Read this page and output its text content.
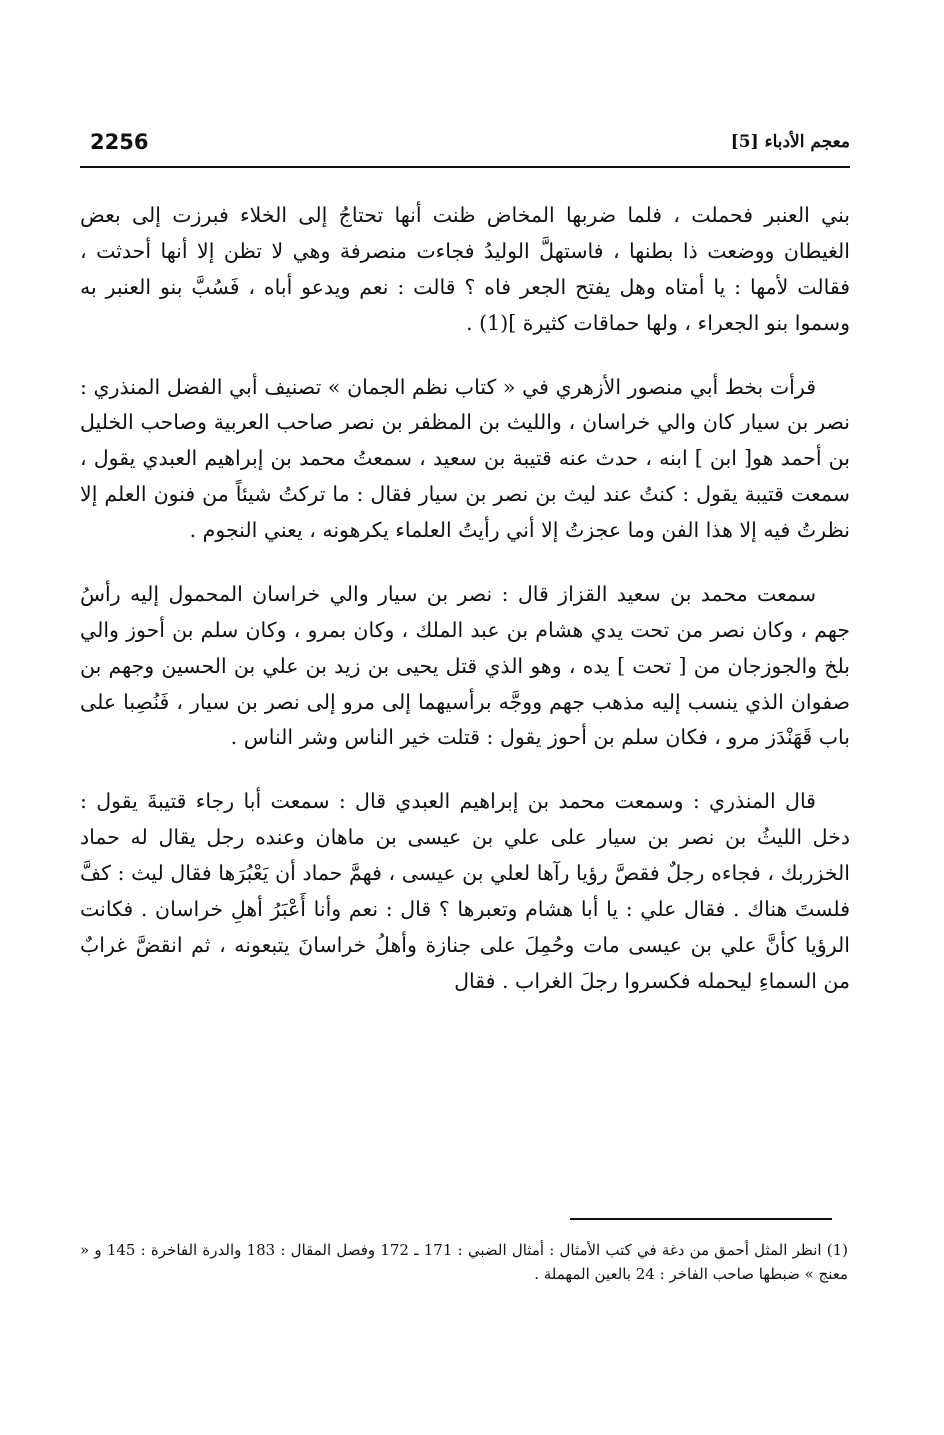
2256	معجم الأدباء [5]

بني العنبر فحملت ، فلما ضربها المخاض ظنت أنها تحتاجُ إلى الخلاء فبرزت إلى بعض الغيطان ووضعت ذا بطنها ، فاستهلَّ الوليدُ فجاءت منصرفة وهي لا تظن إلا أنها أحدثت ، فقالت لأمها : يا أمتاه وهل يفتح الجعر فاه ؟ قالت : نعم ويدعو أباه ، فَسُبَّ بنو العنبر به وسموا بنو الجعراء ، ولها حماقات كثيرة ](1) .

قرأت بخط أبي منصور الأزهري في « كتاب نظم الجمان » تصنيف أبي الفضل المنذري : نصر بن سيار كان والي خراسان ، والليث بن المظفر بن نصر صاحب العربية وصاحب الخليل بن أحمد هو[ ابن ] ابنه ، حدث عنه قتيبة بن سعيد ، سمعتُ محمد بن إبراهيم العبدي يقول ، سمعت قتيبة يقول : كنتُ عند ليث بن نصر بن سيار فقال : ما تركتُ شيئاً من فنون العلم إلا نظرتُ فيه إلا هذا الفن وما عجزتُ إلا أني رأيتُ العلماء يكرهونه ، يعني النجوم .

سمعت محمد بن سعيد القزاز قال : نصر بن سيار والي خراسان المحمول إليه رأسُ جهم ، وكان نصر من تحت يدي هشام بن عبد الملك ، وكان بمرو ، وكان سلم بن أحوز والي بلخ والجوزجان من [ تحت ] يده ، وهو الذي قتل يحيى بن زيد بن علي بن الحسين وجهم بن صفوان الذي ينسب إليه مذهب جهم ووجَّه برأسيهما إلى مرو إلى نصر بن سيار ، فَنُصِبا على باب قَهَنْدَز مرو ، فكان سلم بن أحوز يقول : قتلت خير الناس وشر الناس .

قال المنذري : وسمعت محمد بن إبراهيم العبدي قال : سمعت أبا رجاء قتيبةَ يقول : دخل الليثُ بن نصر بن سيار على علي بن عيسى بن ماهان وعنده رجل يقال له حماد الخزربك ، فجاءه رجلٌ فقصَّ رؤيا رآها لعلي بن عيسى ، فهمَّ حماد أن يَعْبُرَها فقال ليث : كفَّ فلستَ هناك . فقال علي : يا أبا هشام وتعبرها ؟ قال : نعم وأنا أَعْبَرُ أهلِ خراسان . فكانت الرؤيا كأنَّ علي بن عيسى مات وحُمِلَ على جنازة وأهلُ خراسانَ يتبعونه ، ثم انقضَّ غرابٌ من السماءِ ليحمله فكسروا رجلَ الغراب . فقال

(1) انظر المثل أحمق من دغة في كتب الأمثال : أمثال الضبي : 171 ـ 172 وفصل المقال : 183 والدرة الفاخرة : 145 و « معنج » ضبطها صاحب الفاخر : 24 بالعين المهملة .
